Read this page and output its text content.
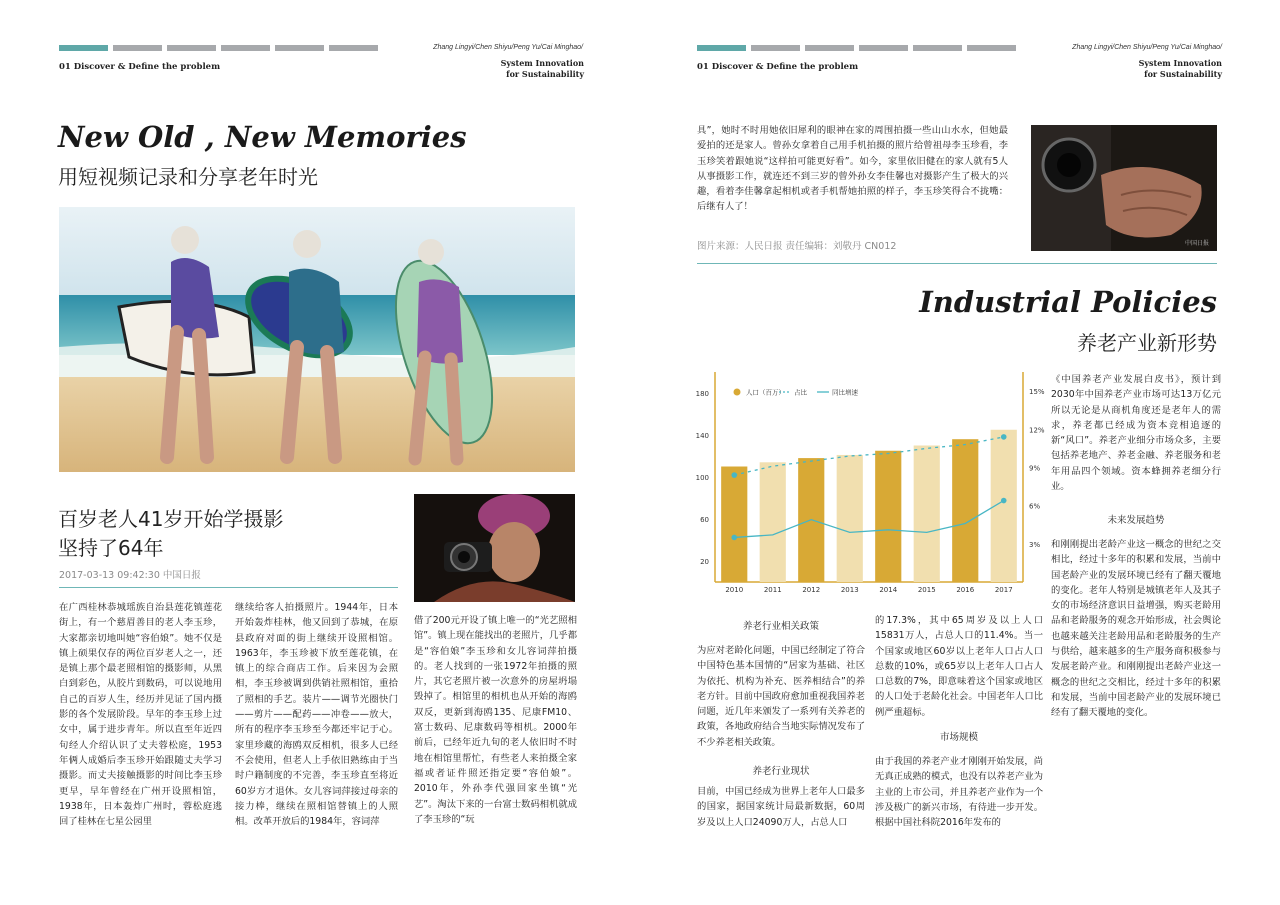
01 Discover & Define the problem
Zhang Lingyi/Chen Shiyu/Peng Yu/Cai Minghao/
System Innovation
for Sustainability
New Old , New Memories
用短视频记录和分享老年时光
百岁老人41岁开始学摄影
坚持了64年
2017-03-13 09:42:30 中国日报
在广西桂林恭城瑶族自治县莲花镇莲花街上，有一个慈眉善目的老人李玉珍，大家都亲切地叫她“容伯娘”。她不仅是镇上硕果仅存的两位百岁老人之一，还是镇上那个最老照相馆的摄影师，从黑白到彩色，从胶片到数码，可以说地用自己的百岁人生，经历并见证了国内摄影的各个发展阶段。早年的李玉珍上过女中，属于进步青年。所以直至年近四旬经人介绍认识了丈夫蓉松庭，1953年俩人成婚后李玉珍开始跟随丈夫学习摄影。而丈夫接触摄影的时间比李玉珍更早，早年曾经在广州开设照相馆，1938年，日本轰炸广州时，蓉松庭逃回了桂林在七星公园里
继续给客人拍摄照片。1944年，日本开始轰炸桂林，他又回到了恭城，在原县政府对面的街上继续开设照相馆。1963年，李玉珍被下放至莲花镇，在镇上的综合商店工作。后来因为会照相，李玉珍被调到供销社照相馆，重拾了照相的手艺。装片——调节光圈快门——剪片——配药——冲卷——放大，所有的程序李玉珍至今都还牢记于心。家里珍藏的海鸥双反相机，很多人已经不会使用，但老人上手依旧熟练由于当时户籍制度的不完善，李玉珍直至将近60岁方才退休。女儿容词萍接过母亲的接力棒，继续在照相馆替镇上的人照相。改革开放后的1984年，容词萍
借了200元开设了镇上唯一的“光艺照相馆”。镇上现在能找出的老照片，几乎都是“容伯娘”李玉珍和女儿容词萍拍摄的。老人找到的一张1972年拍摄的照片，其它老照片被一次意外的房屋坍塌毁掉了。相馆里的相机也从开始的海鸥双反，更新到海鸥135、尼康FM10、富士数码、尼康数码等相机。2000年前后，已经年近九旬的老人依旧时不时地在相馆里帮忙，有些老人来拍摄全家福或者证件照还指定要“容伯娘”。2010年，外孙李代强回家坐镇“光艺”。淘汰下来的一台富士数码相机就成了李玉珍的“玩
01 Discover & Define the problem
Zhang Lingyi/Chen Shiyu/Peng Yu/Cai Minghao/
System Innovation
for Sustainability
具”，她时不时用她依旧犀利的眼神在家的周围拍摄一些山山水水，但她最爱拍的还是家人。曾孙女拿着自己用手机拍摄的照片给曾祖母李玉珍看，李玉珍笑着跟她说“这样拍可能更好看”。如今，家里依旧健在的家人就有5人从事摄影工作，就连还不到三岁的曾外孙女李佳馨也对摄影产生了极大的兴趣，看着李佳馨拿起相机或者手机帮她拍照的样子，李玉珍笑得合不拢嘴：后继有人了！
图片来源：人民日报 责任编辑：刘敬丹 CN012	中国日报
Industrial Policies
养老产业新形势
20
60
100
140
180
3%
6%
9%
12%
15%
2010	2011	2012	2013	2014	2015	2016	2017
人口（百万） 占比	同比增速
《中国养老产业发展白皮书》，预计到2030年中国养老产业市场可达13万亿元所以无论是从商机角度还是老年人的需求，养老都已经成为资本竞相追逐的新“风口”。养老产业细分市场众多，主要包括养老地产、养老金融、养老服务和老年用品四个领域。资本蜂拥养老细分行业。
未来发展趋势
和刚刚提出老龄产业这一概念的世纪之交相比，经过十多年的积累和发展，当前中国老龄产业的发展环境已经有了翻天覆地的变化。老年人特别是城镇老年人及其子女的市场经济意识日益增强，购买老龄用品和老龄服务的观念开始形成，社会舆论也越来越关注老龄用品和老龄服务的生产与供给，越来越多的生产服务商积极参与发展老龄产业。和刚刚提出老龄产业这一概念的世纪之交相比，经过十多年的积累和发展，当前中国老龄产业的发展环境已经有了翻天覆地的变化。
养老行业相关政策
为应对老龄化问题，中国已经制定了符合中国特色基本国情的“居家为基础、社区为依托、机构为补充、医养相结合”的养老方针。目前中国政府愈加重视我国养老问题，近几年来颁发了一系列有关养老的政策，各地政府结合当地实际情况发布了不少养老相关政策。
养老行业现状
目前，中国已经成为世界上老年人口最多的国家，据国家统计局最新数据，60周岁及以上人口24090万人，占总人口
的17.3%，其中65周岁及以上人口15831万人，占总人口的11.4%。当一个国家或地区60岁以上老年人口占人口总数的10%，或65岁以上老年人口占人口总数的7%，即意味着这个国家或地区的人口处于老龄化社会。中国老年人口比例严重超标。
市场规模
由于我国的养老产业才刚刚开始发展，尚无真正成熟的模式，也没有以养老产业为主业的上市公司，并且养老产业作为一个涉及极广的新兴市场，有待进一步开发。根据中国社科院2016年发布的
